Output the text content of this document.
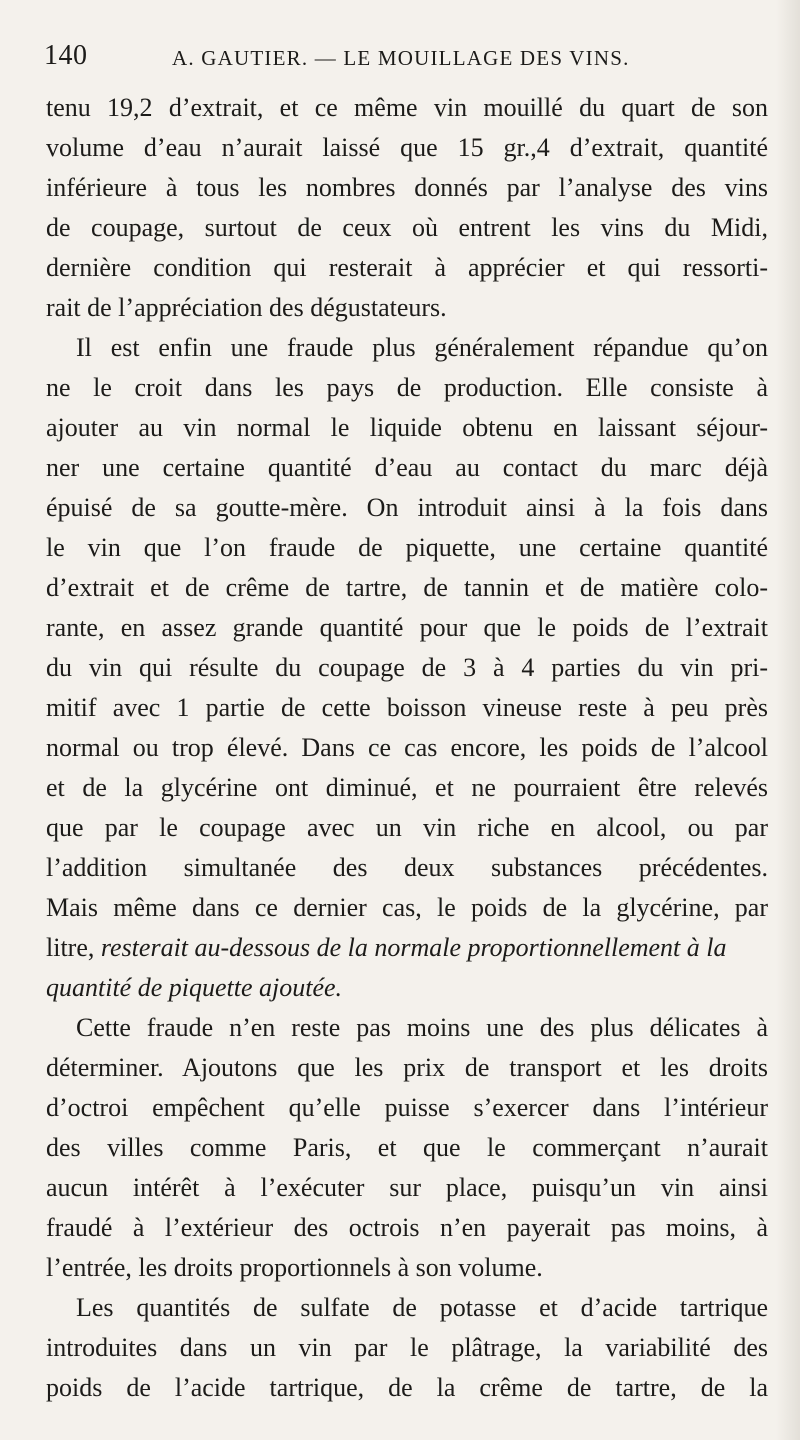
140	A. GAUTIER. — LE MOUILLAGE DES VINS.
tenu 19,2 d’extrait, et ce même vin mouillé du quart de son
volume d’eau n’aurait laissé que 15 gr.,4 d’extrait, quantité
inférieure à tous les nombres donnés par l’analyse des vins
de coupage, surtout de ceux où entrent les vins du Midi,
dernière condition qui resterait à apprécier et qui ressorti-
rait de l’appréciation des dégustateurs.
Il est enfin une fraude plus généralement répandue qu’on
ne le croit dans les pays de production. Elle consiste à
ajouter au vin normal le liquide obtenu en laissant séjour-
ner une certaine quantité d’eau au contact du marc déjà
épuisé de sa goutte-mère. On introduit ainsi à la fois dans
le vin que l’on fraude de piquette, une certaine quantité
d’extrait et de crême de tartre, de tannin et de matière colo-
rante, en assez grande quantité pour que le poids de l’extrait
du vin qui résulte du coupage de 3 à 4 parties du vin pri-
mitif avec 1 partie de cette boisson vineuse reste à peu près
normal ou trop élevé. Dans ce cas encore, les poids de l’alcool
et de la glycérine ont diminué, et ne pourraient être relevés
que par le coupage avec un vin riche en alcool, ou par
l’addition simultanée des deux substances précédentes.
Mais même dans ce dernier cas, le poids de la glycérine, par
litre, resterait au-dessous de la normale proportionnellement à la
quantité de piquette ajoutée.
Cette fraude n’en reste pas moins une des plus délicates à
déterminer. Ajoutons que les prix de transport et les droits
d’octroi empêchent qu’elle puisse s’exercer dans l’intérieur
des villes comme Paris, et que le commerçant n’aurait
aucun intérêt à l’exécuter sur place, puisqu’un vin ainsi
fraudé à l’extérieur des octrois n’en payerait pas moins, à
l’entrée, les droits proportionnels à son volume.
Les quantités de sulfate de potasse et d’acide tartrique
introduites dans un vin par le plâtrage, la variabilité des
poids de l’acide tartrique, de la crême de tartre, de la
